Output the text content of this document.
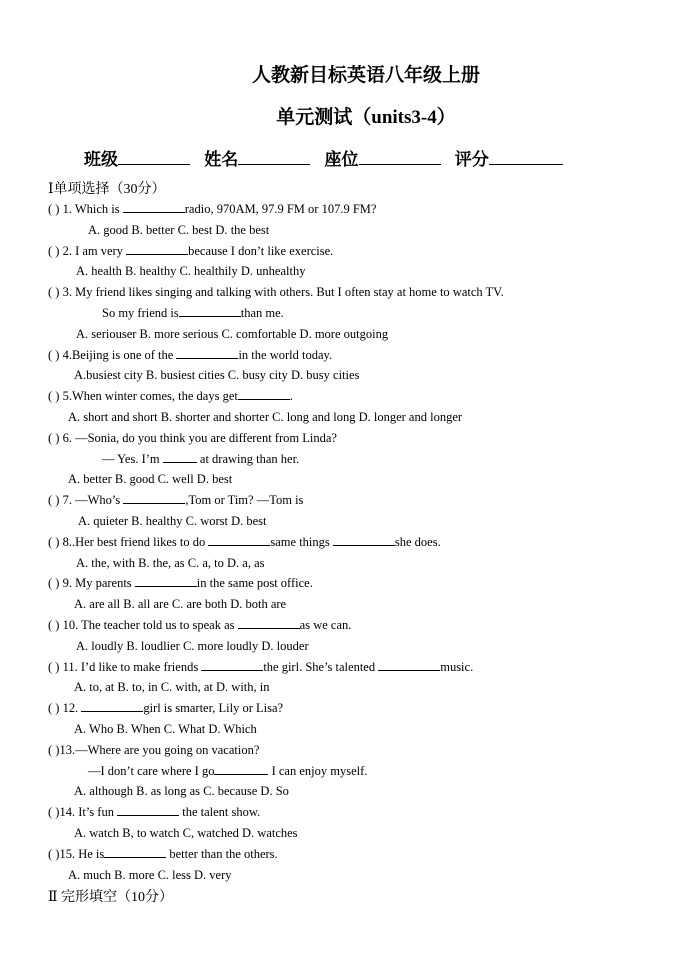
人教新目标英语八年级上册
单元测试（units3-4）
班级	姓名	座位	评分
Ⅰ单项选择（30分）
( ) 1. Which is	radio, 970AM, 97.9 FM or 107.9 FM?
A. good B. better C. best D. the best
( ) 2. I am very	because I don’t like exercise.
A. health B. healthy C. healthily D. unhealthy
( ) 3. My friend likes singing and talking with others. But I often stay at home to watch TV.
So my friend is	than me.
A. seriouser B. more serious C. comfortable D. more outgoing
( ) 4.Beijing is one of the	in the world today.
A.busiest city B. busiest cities C. busy city D. busy cities
( ) 5.When winter comes, the days get	.
A. short and short B. shorter and shorter C. long and long D. longer and longer
( ) 6. —Sonia, do you think you are different from Linda?
— Yes. I’m	at drawing than her.
A. better B. good C. well D. best
( ) 7. —Who’s	,Tom or Tim? —Tom is
A. quieter B. healthy C. worst D. best
( ) 8..Her best friend likes to do	same things	she does.
A. the, with B. the, as C. a, to D. a, as
( ) 9. My parents	in the same post office.
A. are all B. all are C. are both D. both are
( ) 10. The teacher told us to speak as	as we can.
A. loudly B. loudlier C. more loudly D. louder
( ) 11. I’d like to make friends	the girl. She’s talented	music.
A. to, at B. to, in C. with, at D. with, in
( ) 12.	girl is smarter, Lily or Lisa?
A. Who B. When C. What D. Which
( )13.—Where are you going on vacation?
—I don’t care where I go	I can enjoy myself.
A. although B. as long as C. because D. So
( )14. It’s fun	the talent show.
A. watch B, to watch C, watched D. watches
( )15. He is	better than the others.
A. much B. more C. less D. very
Ⅱ 完形填空（10分）
